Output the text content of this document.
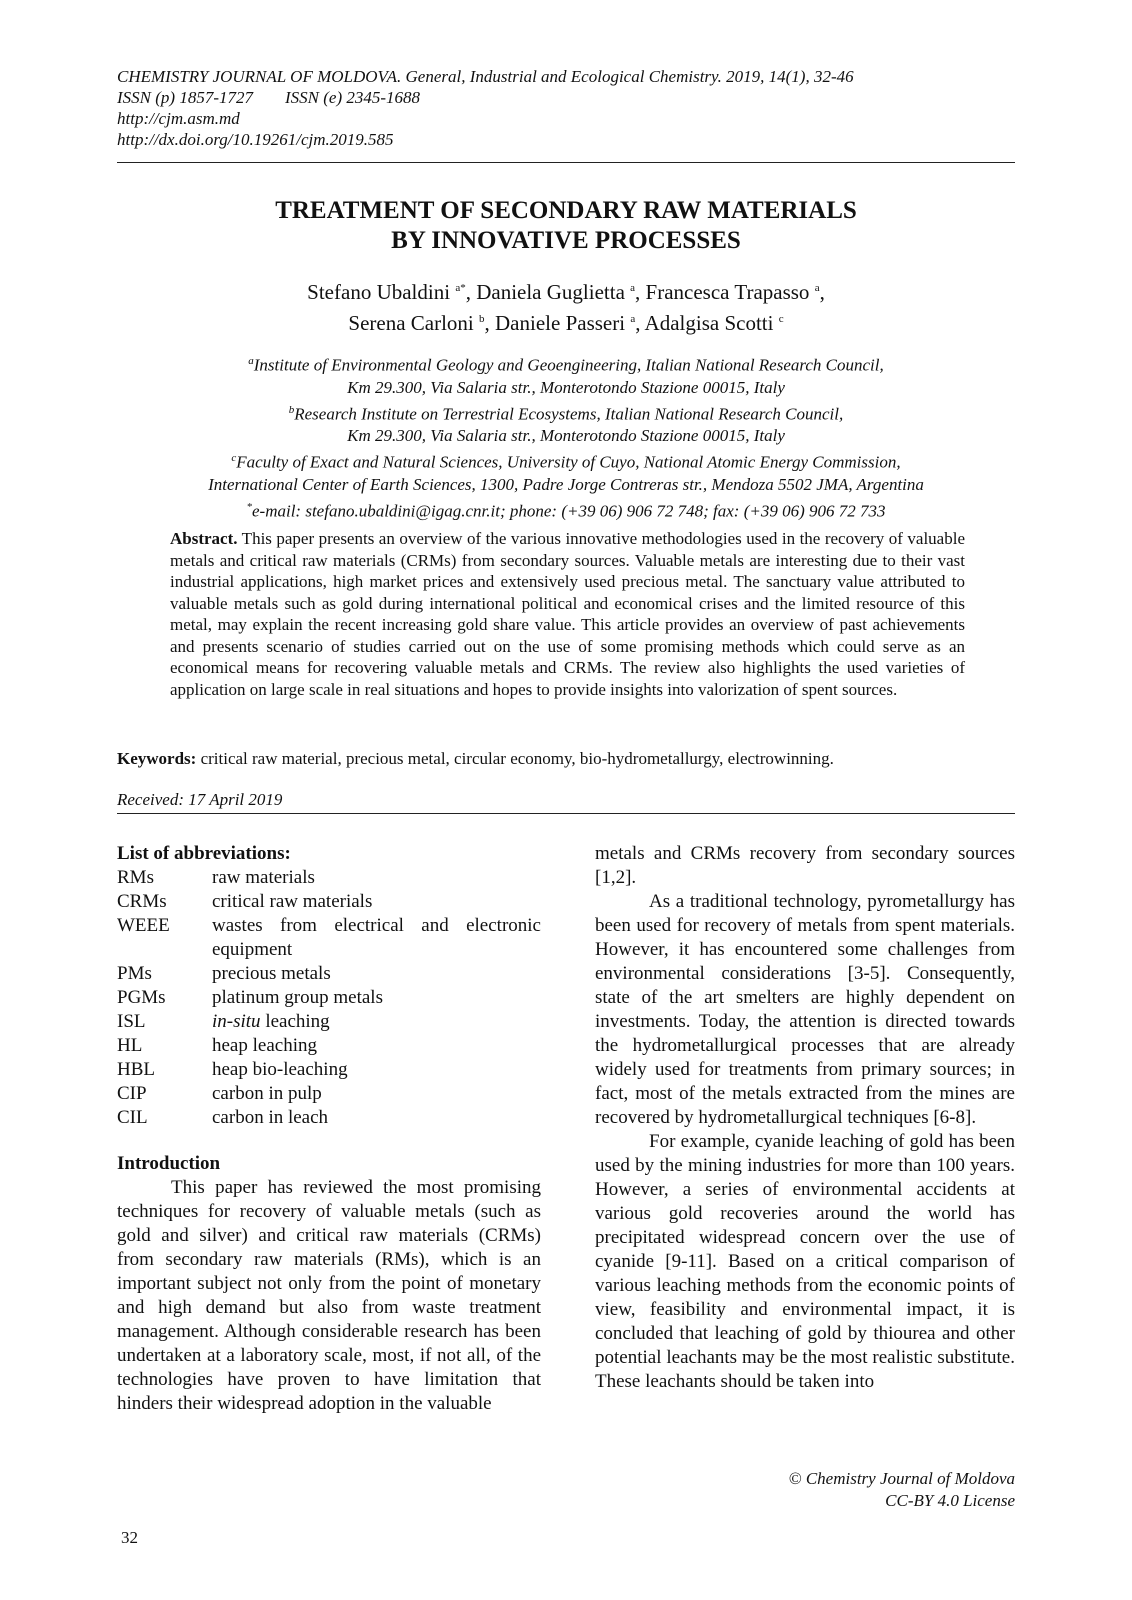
CHEMISTRY JOURNAL OF MOLDOVA. General, Industrial and Ecological Chemistry. 2019, 14(1), 32-46
ISSN (p) 1857-1727 ISSN (e) 2345-1688
http://cjm.asm.md
http://dx.doi.org/10.19261/cjm.2019.585
TREATMENT OF SECONDARY RAW MATERIALS
BY INNOVATIVE PROCESSES
Stefano Ubaldini $^{a*}$, Daniela Guglietta $^a$, Francesca Trapasso $^a$,
Serena Carloni $^b$, Daniele Passeri $^a$, Adalgisa Scotti $^c$
$^a$Institute of Environmental Geology and Geoengineering, Italian National Research Council,
Km 29.300, Via Salaria str., Monterotondo Stazione 00015, Italy
$^b$Research Institute on Terrestrial Ecosystems, Italian National Research Council,
Km 29.300, Via Salaria str., Monterotondo Stazione 00015, Italy
$^c$Faculty of Exact and Natural Sciences, University of Cuyo, National Atomic Energy Commission,
International Center of Earth Sciences, 1300, Padre Jorge Contreras str., Mendoza 5502 JMA, Argentina
*e-mail: stefano.ubaldini@igag.cnr.it; phone: (+39 06) 906 72 748; fax: (+39 06) 906 72 733
Abstract. This paper presents an overview of the various innovative methodologies used in the recovery of valuable metals and critical raw materials (CRMs) from secondary sources. Valuable metals are interesting due to their vast industrial applications, high market prices and extensively used precious metal. The sanctuary value attributed to valuable metals such as gold during international political and economical crises and the limited resource of this metal, may explain the recent increasing gold share value. This article provides an overview of past achievements and presents scenario of studies carried out on the use of some promising methods which could serve as an economical means for recovering valuable metals and CRMs. The review also highlights the used varieties of application on large scale in real situations and hopes to provide insights into valorization of spent sources.
Keywords: critical raw material, precious metal, circular economy, bio-hydrometallurgy, electrowinning.
Received: 17 April 2019
List of abbreviations:
RMs	raw materials
CRMs	critical raw materials
WEEE	wastes from electrical and electronic equipment
PMs	precious metals
PGMs	platinum group metals
ISL	in-situ leaching
HL	heap leaching
HBL	heap bio-leaching
CIP	carbon in pulp
CIL	carbon in leach
Introduction

This paper has reviewed the most promising techniques for recovery of valuable metals (such as gold and silver) and critical raw materials (CRMs) from secondary raw materials (RMs), which is an important subject not only from the point of monetary and high demand but also from waste treatment management. Although considerable research has been undertaken at a laboratory scale, most, if not all, of the technologies have proven to have limitation that hinders their widespread adoption in the valuable

metals and CRMs recovery from secondary sources [1,2].

As a traditional technology, pyrometallurgy has been used for recovery of metals from spent materials. However, it has encountered some challenges from environmental considerations [3-5]. Consequently, state of the art smelters are highly dependent on investments. Today, the attention is directed towards the hydrometallurgical processes that are already widely used for treatments from primary sources; in fact, most of the metals extracted from the mines are recovered by hydrometallurgical techniques [6-8].

For example, cyanide leaching of gold has been used by the mining industries for more than 100 years. However, a series of environmental accidents at various gold recoveries around the world has precipitated widespread concern over the use of cyanide [9-11]. Based on a critical comparison of various leaching methods from the economic points of view, feasibility and environmental impact, it is concluded that leaching of gold by thiourea and other potential leachants may be the most realistic substitute. These leachants should be taken into

© Chemistry Journal of Moldova
CC-BY 4.0 License
32
